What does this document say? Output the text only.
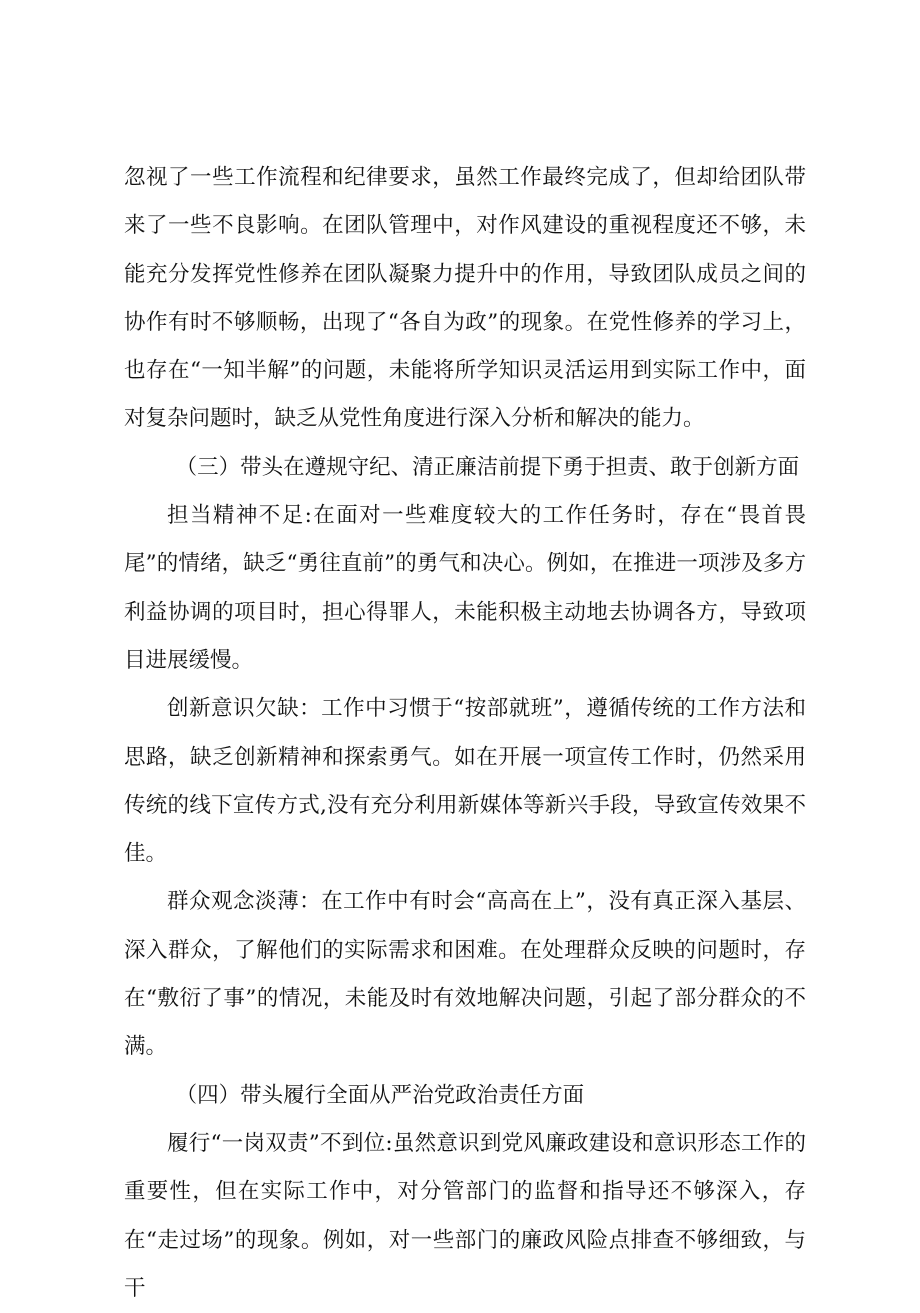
忽视了一些工作流程和纪律要求，虽然工作最终完成了，但却给团队带来了一些不良影响。在团队管理中，对作风建设的重视程度还不够，未能充分发挥党性修养在团队凝聚力提升中的作用，导致团队成员之间的协作有时不够顺畅，出现了“各自为政”的现象。在党性修养的学习上，也存在“一知半解”的问题，未能将所学知识灵活运用到实际工作中，面对复杂问题时，缺乏从党性角度进行深入分析和解决的能力。

（三）带头在遵规守纪、清正廉洁前提下勇于担责、敢于创新方面

担当精神不足:在面对一些难度较大的工作任务时，存在“畏首畏尾”的情绪，缺乏“勇往直前”的勇气和决心。例如，在推进一项涉及多方利益协调的项目时，担心得罪人，未能积极主动地去协调各方，导致项目进展缓慢。

创新意识欠缺：工作中习惯于“按部就班”，遵循传统的工作方法和思路，缺乏创新精神和探索勇气。如在开展一项宣传工作时，仍然采用传统的线下宣传方式,没有充分利用新媒体等新兴手段，导致宣传效果不佳。

群众观念淡薄：在工作中有时会“高高在上”，没有真正深入基层、深入群众，了解他们的实际需求和困难。在处理群众反映的问题时，存在“敷衍了事”的情况，未能及时有效地解决问题，引起了部分群众的不满。

（四）带头履行全面从严治党政治责任方面

履行“一岗双责”不到位:虽然意识到党风廉政建设和意识形态工作的重要性，但在实际工作中，对分管部门的监督和指导还不够深入，存在“走过场”的现象。例如，对一些部门的廉政风险点排查不够细致，与干
